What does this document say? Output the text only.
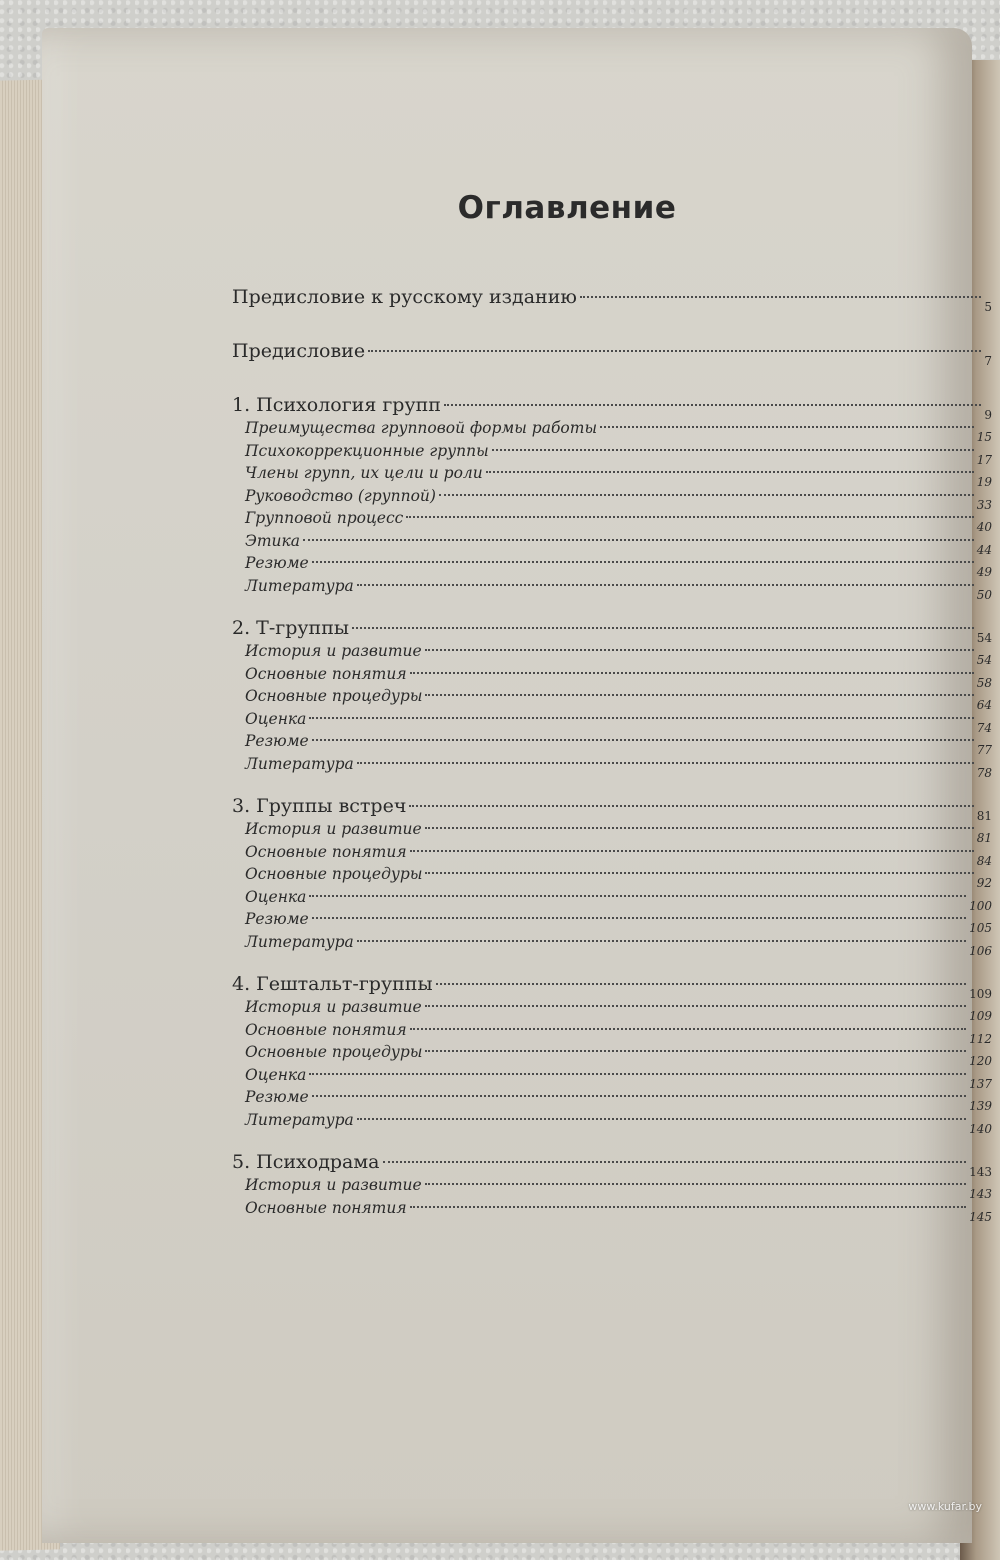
Оглавление
Предисловие к русскому изданию	5
Предисловие	7
1. Психология групп	9
Преимущества групповой формы работы	15
Психокоррекционные группы	17
Члены групп, их цели и роли	19
Руководство (группой)	33
Групповой процесс	40
Этика	44
Резюме	49
Литература	50
2. Т-группы	54
История и развитие	54
Основные понятия	58
Основные процедуры	64
Оценка	74
Резюме	77
Литература	78
3. Группы встреч	81
История и развитие	81
Основные понятия	84
Основные процедуры	92
Оценка	100
Резюме	105
Литература	106
4. Гештальт-группы	109
История и развитие	109
Основные понятия	112
Основные процедуры	120
Оценка	137
Резюме	139
Литература	140
5. Психодрама	143
История и развитие	143
Основные понятия	145
www.kufar.by
